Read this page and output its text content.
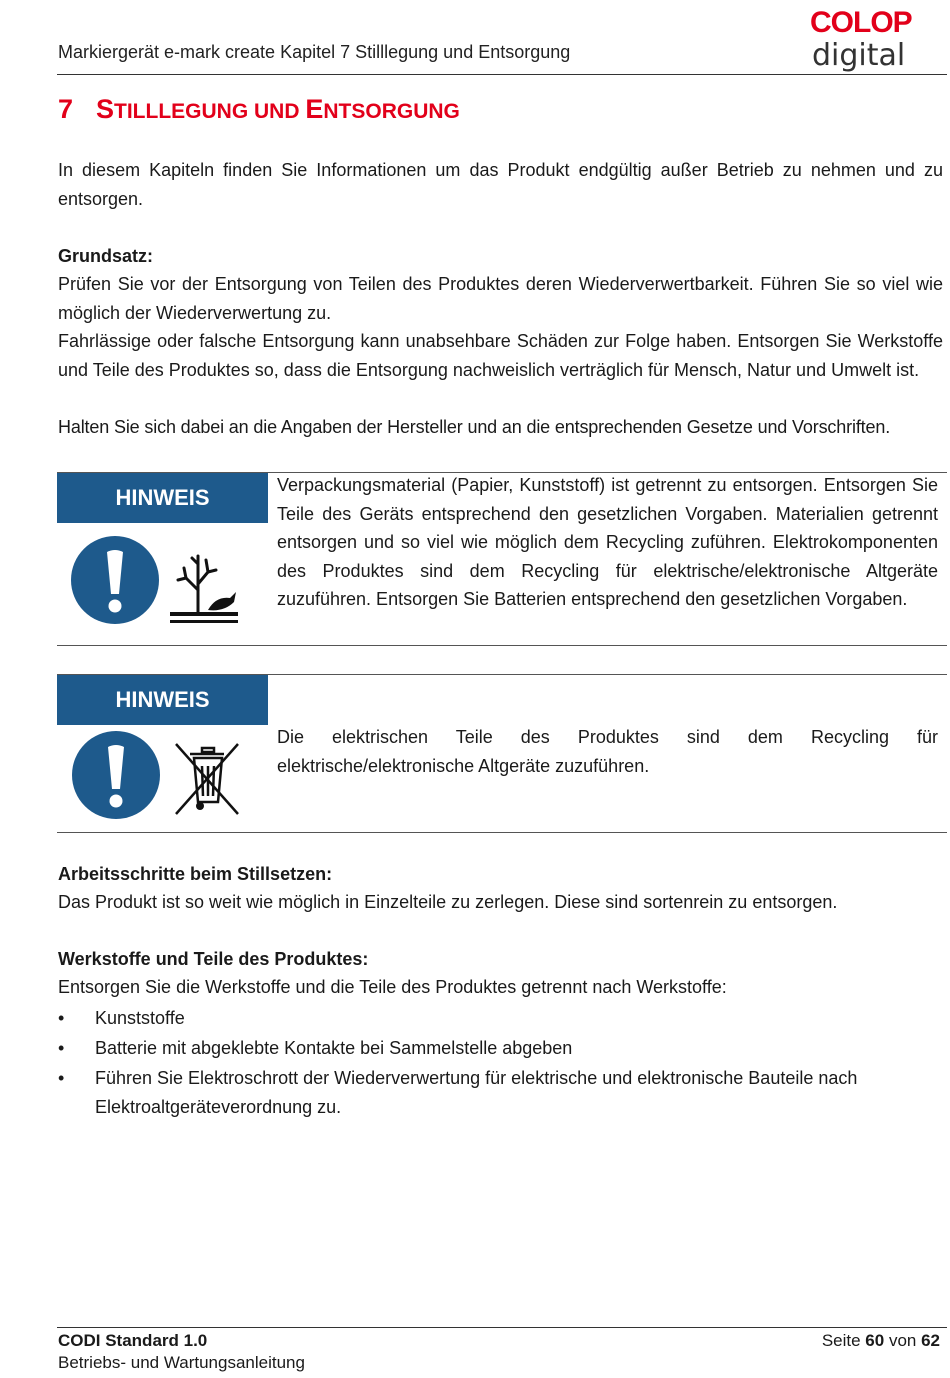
Markiergerät e-mark create Kapitel 7 Stilllegung und Entsorgung
COLOP
digital
7 STILLLEGUNG UND ENTSORGUNG
In diesem Kapiteln finden Sie Informationen um das Produkt endgültig außer Betrieb zu nehmen und zu entsorgen.
Grundsatz:
Prüfen Sie vor der Entsorgung von Teilen des Produktes deren Wiederverwertbarkeit. Führen Sie so viel wie möglich der Wiederverwertung zu.
Fahrlässige oder falsche Entsorgung kann unabsehbare Schäden zur Folge haben. Entsorgen Sie Werkstoffe und Teile des Produktes so, dass die Entsorgung nachweislich verträglich für Mensch, Natur und Umwelt ist.
Halten Sie sich dabei an die Angaben der Hersteller und an die entsprechenden Gesetze und Vorschriften.
HINWEIS	Verpackungsmaterial (Papier, Kunststoff) ist getrennt zu entsorgen. Entsorgen Sie Teile des Geräts entsprechend den gesetzlichen Vorgaben. Materialien getrennt entsorgen und so viel wie möglich dem Recycling zuführen. Elektrokomponenten des Produktes sind dem Recycling für elektrische/elektronische Altgeräte zuzuführen. Entsorgen Sie Batterien entsprechend den gesetzlichen Vorgaben.
HINWEIS
Die elektrischen Teile des Produktes sind dem Recycling für elektrische/elektronische Altgeräte zuzuführen.
Arbeitsschritte beim Stillsetzen:
Das Produkt ist so weit wie möglich in Einzelteile zu zerlegen. Diese sind sortenrein zu entsorgen.
Werkstoffe und Teile des Produktes:
Entsorgen Sie die Werkstoffe und die Teile des Produktes getrennt nach Werkstoffe:
•	Kunststoffe
•	Batterie mit abgeklebte Kontakte bei Sammelstelle abgeben
•	Führen Sie Elektroschrott der Wiederverwertung für elektrische und elektronische Bauteile nach Elektroaltgeräteverordnung zu.
CODI Standard 1.0
Betriebs- und Wartungsanleitung
Seite 60 von 62
